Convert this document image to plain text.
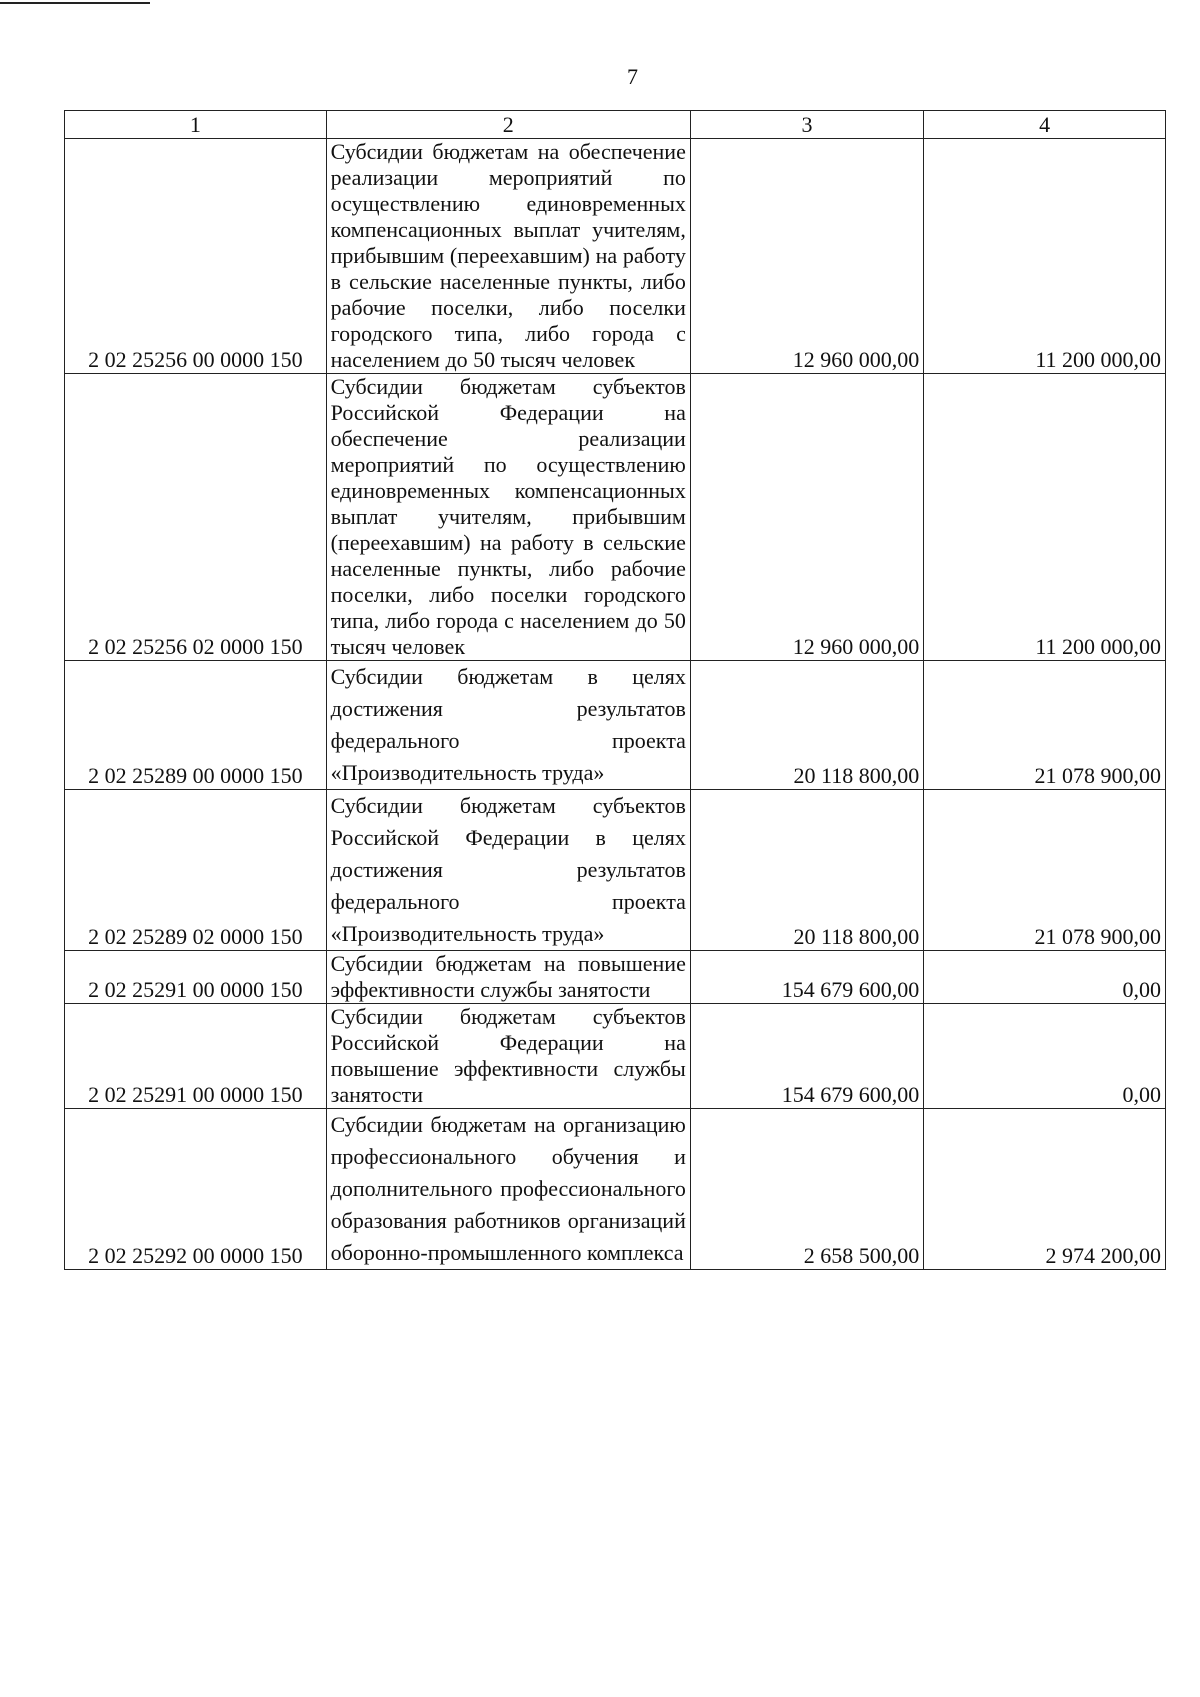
7
1	2	3	4
2 02 25256 00 0000 150	Субсидии бюджетам на обеспечение реализации мероприятий по осуществлению единовременных компенсационных выплат учителям, прибывшим (переехавшим) на работу в сельские населенные пункты, либо рабочие поселки, либо поселки городского типа, либо города с населением до 50 тысяч человек	12 960 000,00	11 200 000,00
2 02 25256 02 0000 150	Субсидии бюджетам субъектов Российской Федерации на обеспечение реализации мероприятий по осуществлению единовременных компенсационных выплат учителям, прибывшим (переехавшим) на работу в сельские населенные пункты, либо рабочие поселки, либо поселки городского типа, либо города с населением до 50 тысяч человек	12 960 000,00	11 200 000,00
2 02 25289 00 0000 150	Субсидии бюджетам в целях достижения результатов федерального проекта «Производительность труда»	20 118 800,00	21 078 900,00
2 02 25289 02 0000 150	Субсидии бюджетам субъектов Российской Федерации в целях достижения результатов федерального проекта «Производительность труда»	20 118 800,00	21 078 900,00
2 02 25291 00 0000 150	Субсидии бюджетам на повышение эффективности службы занятости	154 679 600,00	0,00
2 02 25291 00 0000 150	Субсидии бюджетам субъектов Российской Федерации на повышение эффективности службы занятости	154 679 600,00	0,00
2 02 25292 00 0000 150	Субсидии бюджетам на организацию профессионального обучения и дополнительного профессионального образования работников организаций оборонно-промышленного комплекса	2 658 500,00	2 974 200,00
